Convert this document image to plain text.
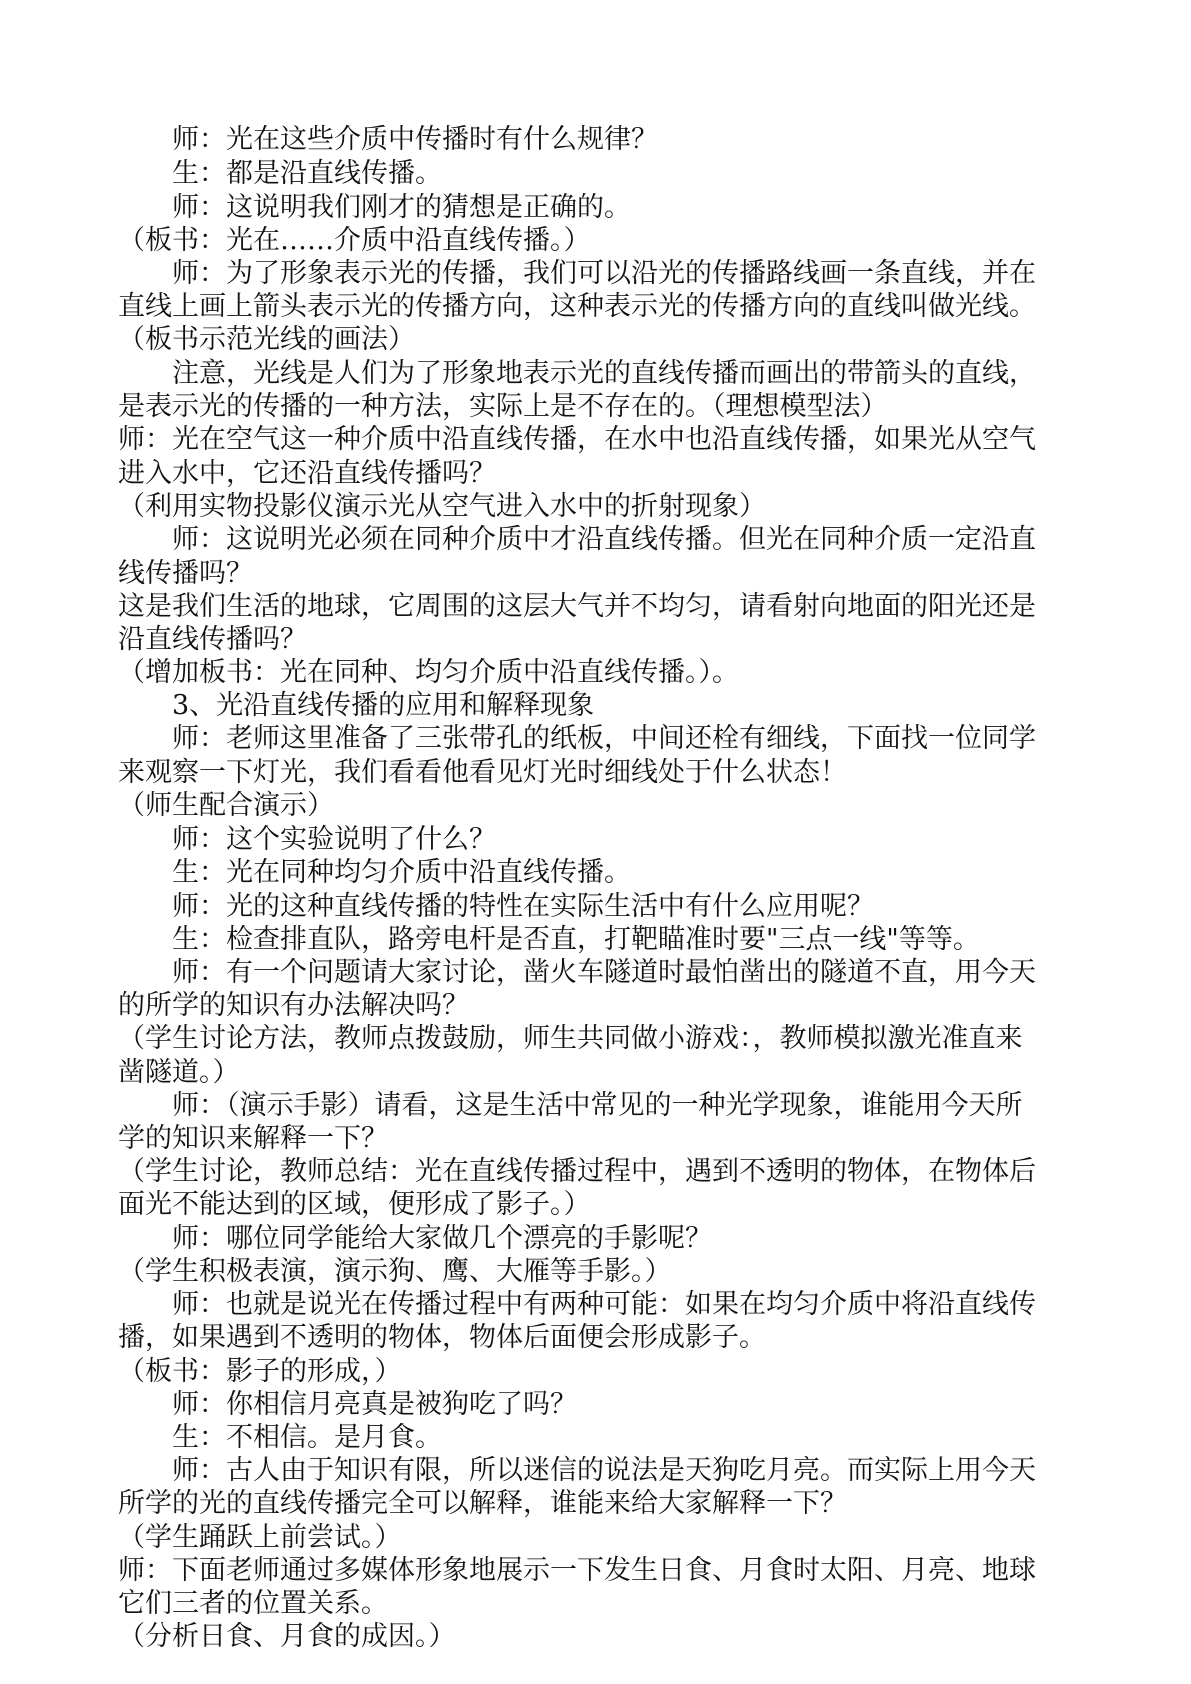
师：光在这些介质中传播时有什么规律？
生：都是沿直线传播。
师：这说明我们刚才的猜想是正确的。
（板书：光在……介质中沿直线传播。）
师：为了形象表示光的传播，我们可以沿光的传播路线画一条直线，并在
直线上画上箭头表示光的传播方向，这种表示光的传播方向的直线叫做光线。
（板书示范光线的画法）
注意，光线是人们为了形象地表示光的直线传播而画出的带箭头的直线，
是表示光的传播的一种方法，实际上是不存在的。（理想模型法）
师：光在空气这一种介质中沿直线传播，在水中也沿直线传播，如果光从空气
进入水中，它还沿直线传播吗？
（利用实物投影仪演示光从空气进入水中的折射现象）
师：这说明光必须在同种介质中才沿直线传播。但光在同种介质一定沿直
线传播吗？
这是我们生活的地球，它周围的这层大气并不均匀，请看射向地面的阳光还是
沿直线传播吗？
（增加板书：光在同种、均匀介质中沿直线传播。）。
3、光沿直线传播的应用和解释现象
师：老师这里准备了三张带孔的纸板，中间还栓有细线，下面找一位同学
来观察一下灯光，我们看看他看见灯光时细线处于什么状态！
（师生配合演示）
师：这个实验说明了什么？
生：光在同种均匀介质中沿直线传播。
师：光的这种直线传播的特性在实际生活中有什么应用呢？
生：检查排直队，路旁电杆是否直，打靶瞄准时要"三点一线"等等。
师：有一个问题请大家讨论，凿火车隧道时最怕凿出的隧道不直，用今天
的所学的知识有办法解决吗？
（学生讨论方法，教师点拨鼓励，师生共同做小游戏：，教师模拟激光准直来
凿隧道。）
师：（演示手影）请看，这是生活中常见的一种光学现象，谁能用今天所
学的知识来解释一下？
（学生讨论，教师总结：光在直线传播过程中，遇到不透明的物体，在物体后
面光不能达到的区域，便形成了影子。）
师：哪位同学能给大家做几个漂亮的手影呢？
（学生积极表演，演示狗、鹰、大雁等手影。）
师：也就是说光在传播过程中有两种可能：如果在均匀介质中将沿直线传
播，如果遇到不透明的物体，物体后面便会形成影子。
（板书：影子的形成，）
师：你相信月亮真是被狗吃了吗？
生：不相信。是月食。
师：古人由于知识有限，所以迷信的说法是天狗吃月亮。而实际上用今天
所学的光的直线传播完全可以解释，谁能来给大家解释一下？
（学生踊跃上前尝试。）
师：下面老师通过多媒体形象地展示一下发生日食、月食时太阳、月亮、地球
它们三者的位置关系。
（分析日食、月食的成因。）
